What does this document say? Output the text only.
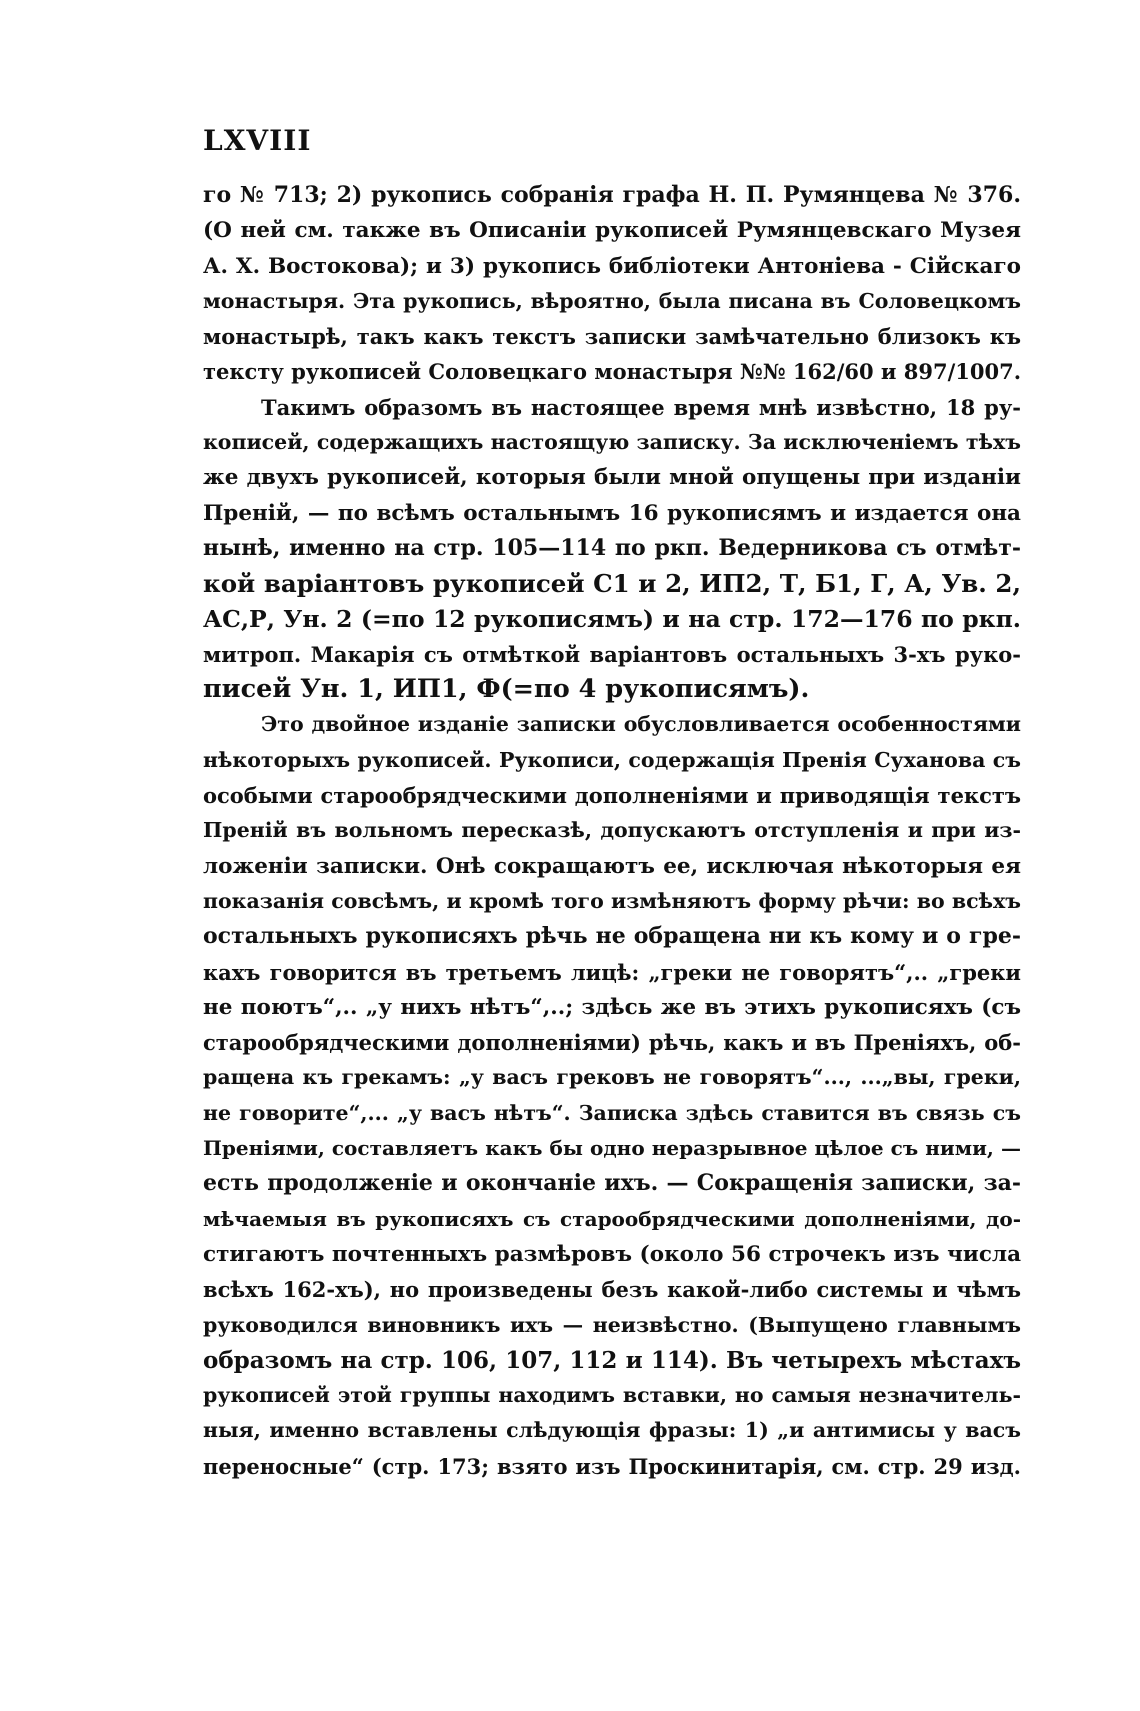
LXVIII
го № 713; 2) рукопись собранія графа Н. П. Румянцева № 376.
(О ней см. также въ Описаніи рукописей Румянцевскаго Музея
А. Х. Востокова); и 3) рукопись библіотеки Антоніева - Сійскаго
монастыря. Эта рукопись, вѣроятно, была писана въ Соловецкомъ
монастырѣ, такъ какъ текстъ записки замѣчательно близокъ къ
тексту рукописей Соловецкаго монастыря №№ 162/60 и 897/1007.
Такимъ образомъ въ настоящее время мнѣ извѣстно, 18 ру-
кописей, содержащихъ настоящую записку. За исключеніемъ тѣхъ
же двухъ рукописей, которыя были мной опущены при изданіи
Преній, — по всѣмъ остальнымъ 16 рукописямъ и издается она
нынѣ, именно на стр. 105—114 по ркп. Ведерникова съ отмѣт-
кой варіантовъ рукописей С1 и 2, ИП2, Т, Б1, Г, А, Ув. 2,
АС,Р, Ун. 2 (=по 12 рукописямъ) и на стр. 172—176 по ркп.
митроп. Макарія съ отмѣткой варіантовъ остальныхъ 3-хъ руко-
писей Ун. 1, ИП1, Ф(=по 4 рукописямъ).
Это двойное изданіе записки обусловливается особенностями
нѣкоторыхъ рукописей. Рукописи, содержащія Пренія Суханова съ
особыми старообрядческими дополненіями и приводящія текстъ
Преній въ вольномъ пересказѣ, допускаютъ отступленія и при из-
ложеніи записки. Онѣ сокращаютъ ее, исключая нѣкоторыя ея
показанія совсѣмъ, и кромѣ того измѣняютъ форму рѣчи: во всѣхъ
остальныхъ рукописяхъ рѣчь не обращена ни къ кому и о гре-
кахъ говорится въ третьемъ лицѣ: „греки не говорятъ“,.. „греки
не поютъ“,.. „у нихъ нѣтъ“,..; здѣсь же въ этихъ рукописяхъ (съ
старообрядческими дополненіями) рѣчь, какъ и въ Преніяхъ, об-
ращена къ грекамъ: „у васъ грековъ не говорятъ“..., ...„вы, греки,
не говорите“,... „у васъ нѣтъ“. Записка здѣсь ставится въ связь съ
Преніями, составляетъ какъ бы одно неразрывное цѣлое съ ними, —
есть продолженіе и окончаніе ихъ. — Сокращенія записки, за-
мѣчаемыя въ рукописяхъ съ старообрядческими дополненіями, до-
стигаютъ почтенныхъ размѣровъ (около 56 строчекъ изъ числа
всѣхъ 162-хъ), но произведены безъ какой-либо системы и чѣмъ
руководился виновникъ ихъ — неизвѣстно. (Выпущено главнымъ
образомъ на стр. 106, 107, 112 и 114). Въ четырехъ мѣстахъ
рукописей этой группы находимъ вставки, но самыя незначитель-
ныя, именно вставлены слѣдующія фразы: 1) „и антимисы у васъ
переносные“ (стр. 173; взято изъ Проскинитарія, см. стр. 29 изд.
